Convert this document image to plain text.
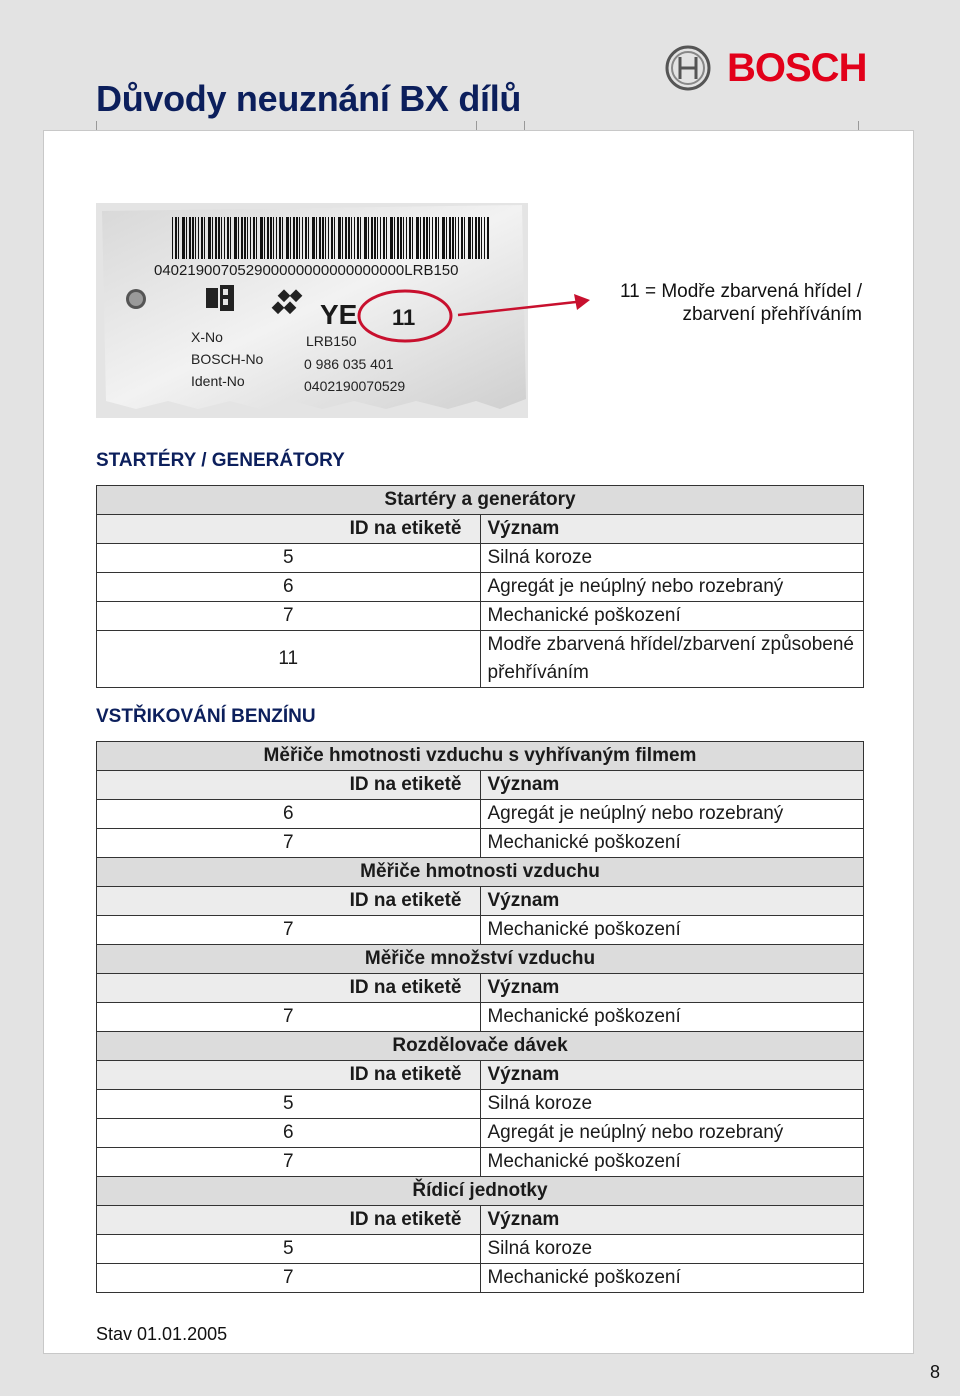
Důvody neuznání BX dílů
BOSCH
040219007052900000000000000000LRB150
YE 11
X-No
BOSCH-No
Ident-No
LRB150
0 986 035 401
0402190070529
11 = Modře zbarvená hřídel /
zbarvení přehříváním
STARTÉRY / GENERÁTORY
Startéry a generátory	
ID na etiketě	Význam
5	Silná koroze
6	Agregát je neúplný nebo rozebraný
7	Mechanické poškození
11	Modře zbarvená hřídel/zbarvení způsobené přehříváním
VSTŘIKOVÁNÍ BENZÍNU
Měřiče hmotnosti vzduchu s vyhřívaným filmem	
ID na etiketě	Význam
6	Agregát je neúplný nebo rozebraný
7	Mechanické poškození
Měřiče hmotnosti vzduchu	
ID na etiketě	Význam
7	Mechanické poškození
Měřiče množství vzduchu	
ID na etiketě	Význam
7	Mechanické poškození
Rozdělovače dávek	
ID na etiketě	Význam
5	Silná koroze
6	Agregát je neúplný nebo rozebraný
7	Mechanické poškození
Řídicí jednotky	
ID na etiketě	Význam
5	Silná koroze
7	Mechanické poškození
Stav 01.01.2005
8
